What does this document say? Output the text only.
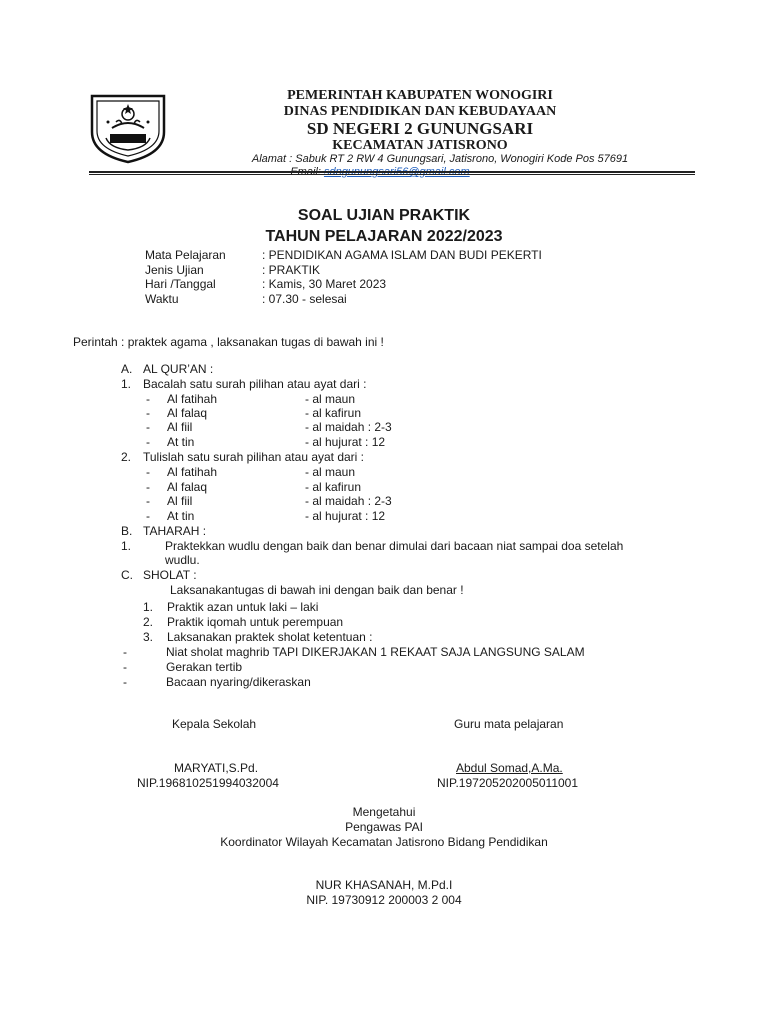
PEMERINTAH KABUPATEN WONOGIRI
DINAS PENDIDIKAN DAN KEBUDAYAAN
SD NEGERI 2 GUNUNGSARI
KECAMATAN JATISRONO
Alamat : Sabuk RT 2 RW 4 Gunungsari, Jatisrono, Wonogiri Kode Pos 57691
Email: sdngunungsari56@gmail.com
SOAL UJIAN PRAKTIK
TAHUN PELAJARAN 2022/2023
Mata Pelajaran	: PENDIDIKAN AGAMA ISLAM DAN BUDI PEKERTI
Jenis Ujian	: PRAKTIK
Hari /Tanggal	: Kamis, 30 Maret 2023
Waktu	: 07.30 - selesai
Perintah : praktek agama , laksanakan tugas di bawah ini !
A. AL QUR’AN :
1. Bacalah satu surah pilihan atau ayat dari :
- Al fatihah	- al maun
- Al falaq	- al kafirun
- Al fiil	- al maidah : 2-3
- At tin	- al hujurat : 12
2. Tulislah satu surah pilihan atau ayat dari :
- Al fatihah	- al maun
- Al falaq	- al kafirun
- Al fiil	- al maidah : 2-3
- At tin	- al hujurat : 12
B. TAHARAH :
1.	Praktekkan wudlu dengan baik dan benar dimulai dari bacaan niat sampai doa setelah
wudlu.
C. SHOLAT :
Laksanakantugas di bawah ini dengan baik dan benar !
1. Praktik azan untuk laki – laki
2. Praktik iqomah untuk perempuan
3. Laksanakan praktek sholat ketentuan :
-	Niat sholat maghrib TAPI DIKERJAKAN 1 REKAAT SAJA LANGSUNG SALAM
-	Gerakan tertib
-	Bacaan nyaring/dikeraskan
Kepala Sekolah	Guru mata pelajaran
MARYATI,S.Pd.	Abdul Somad,A.Ma.
NIP.196810251994032004	NIP.197205202005011001
Mengetahui
Pengawas PAI
Koordinator Wilayah Kecamatan Jatisrono Bidang Pendidikan
NUR KHASANAH, M.Pd.I
NIP. 19730912 200003 2 004
